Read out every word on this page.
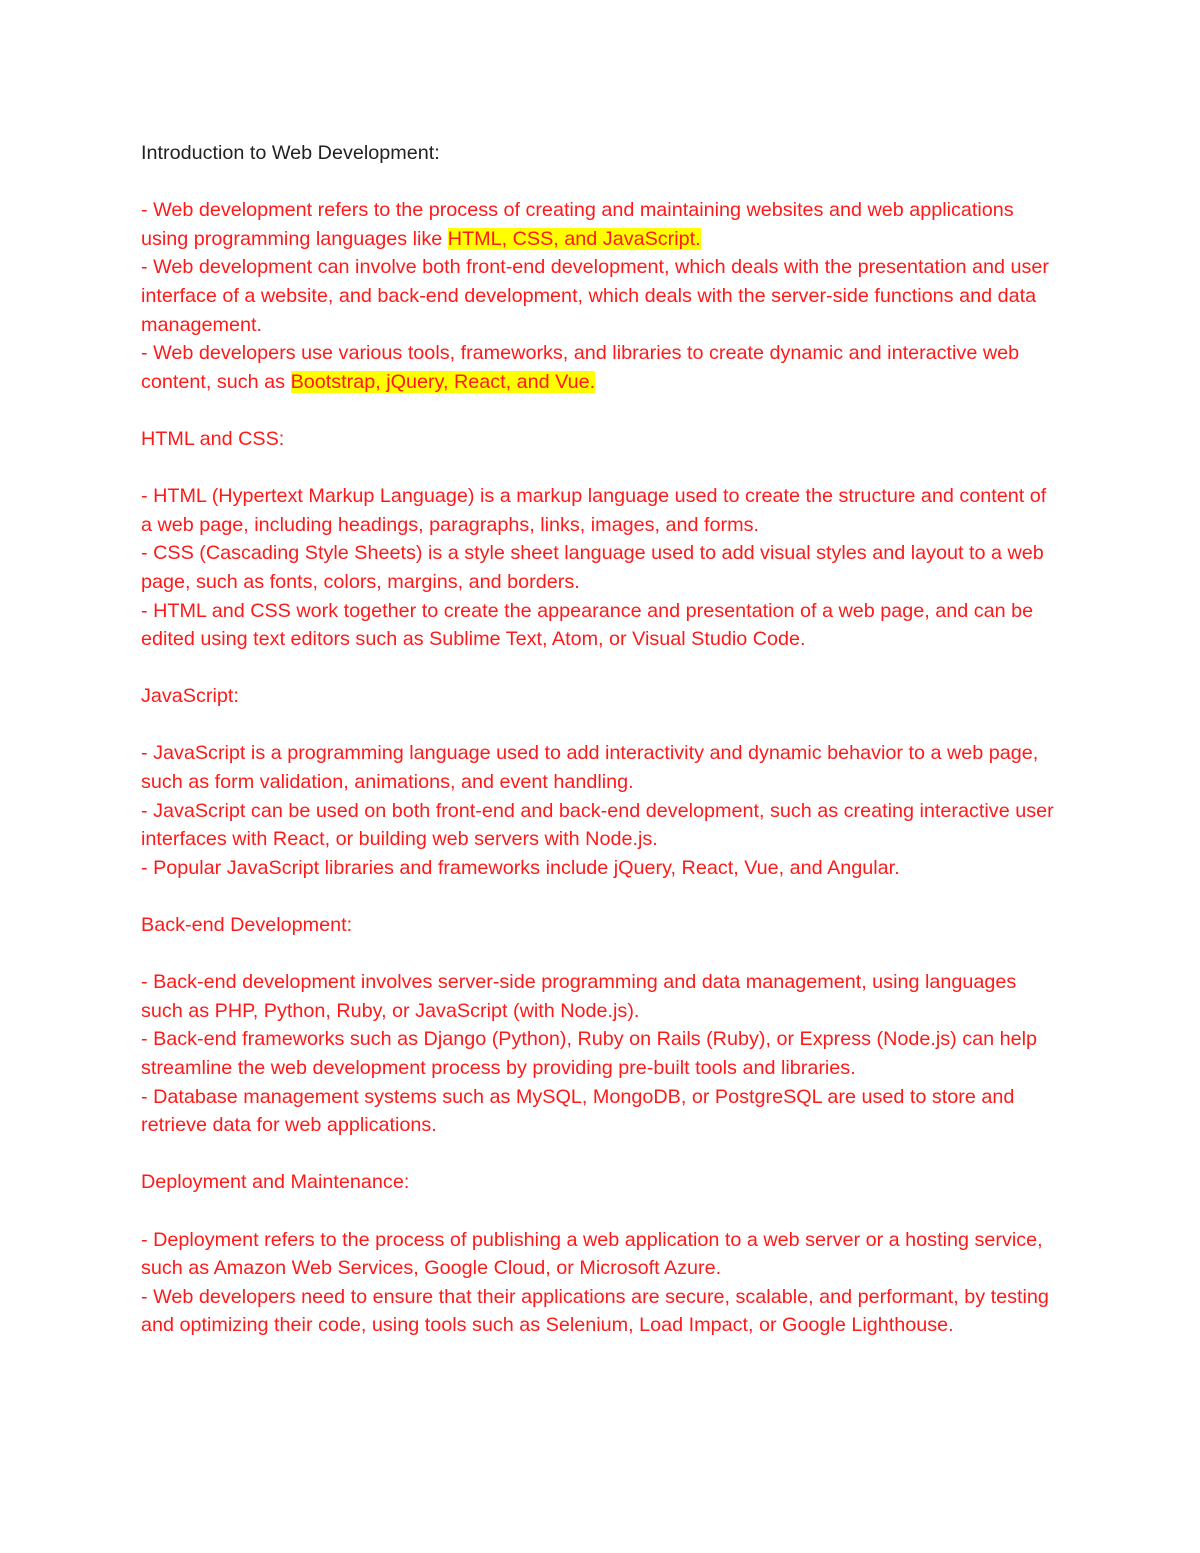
Introduction to Web Development:

- Web development refers to the process of creating and maintaining websites and web applications using programming languages like HTML, CSS, and JavaScript.

- Web development can involve both front-end development, which deals with the presentation and user interface of a website, and back-end development, which deals with the server-side functions and data management.

- Web developers use various tools, frameworks, and libraries to create dynamic and interactive web content, such as Bootstrap, jQuery, React, and Vue.

HTML and CSS:

- HTML (Hypertext Markup Language) is a markup language used to create the structure and content of a web page, including headings, paragraphs, links, images, and forms.

- CSS (Cascading Style Sheets) is a style sheet language used to add visual styles and layout to a web page, such as fonts, colors, margins, and borders.

- HTML and CSS work together to create the appearance and presentation of a web page, and can be edited using text editors such as Sublime Text, Atom, or Visual Studio Code.

JavaScript:

- JavaScript is a programming language used to add interactivity and dynamic behavior to a web page, such as form validation, animations, and event handling.

- JavaScript can be used on both front-end and back-end development, such as creating interactive user interfaces with React, or building web servers with Node.js.

- Popular JavaScript libraries and frameworks include jQuery, React, Vue, and Angular.

Back-end Development:

- Back-end development involves server-side programming and data management, using languages such as PHP, Python, Ruby, or JavaScript (with Node.js).

- Back-end frameworks such as Django (Python), Ruby on Rails (Ruby), or Express (Node.js) can help streamline the web development process by providing pre-built tools and libraries.

- Database management systems such as MySQL, MongoDB, or PostgreSQL are used to store and retrieve data for web applications.

Deployment and Maintenance:

- Deployment refers to the process of publishing a web application to a web server or a hosting service, such as Amazon Web Services, Google Cloud, or Microsoft Azure.

- Web developers need to ensure that their applications are secure, scalable, and performant, by testing and optimizing their code, using tools such as Selenium, Load Impact, or Google Lighthouse.
